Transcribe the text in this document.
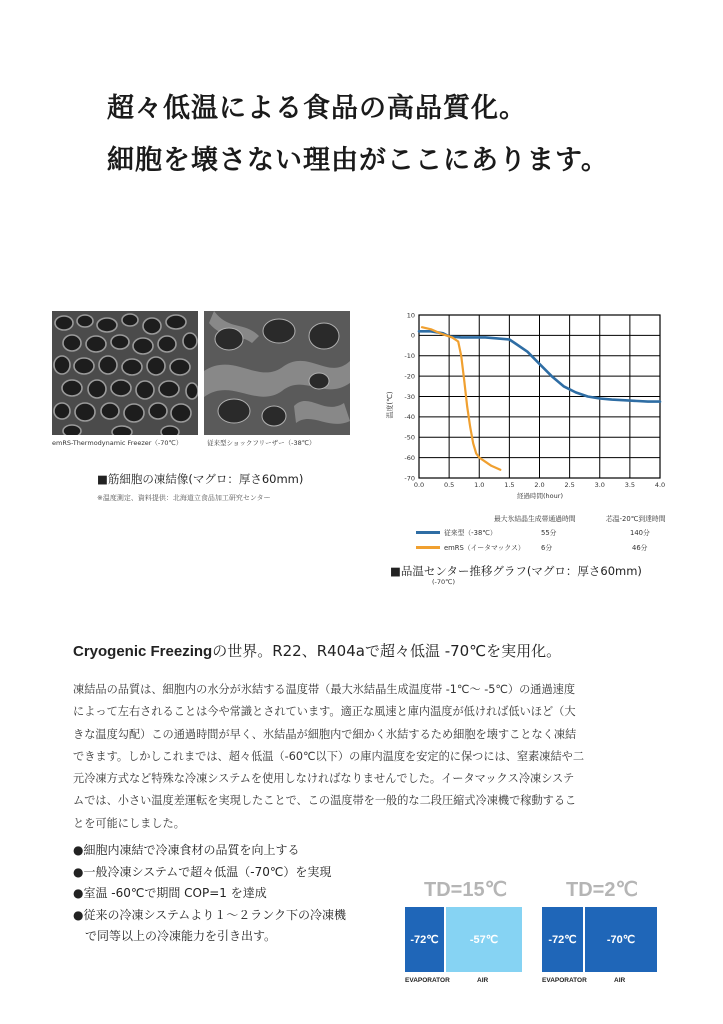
超々低温による食品の高品質化。
細胞を壊さない理由がここにあります。
emRS-Thermodynamic Freezer（-70℃）	従来型ショックフリーザー（-38℃）
■筋細胞の凍結像(マグロ：厚さ60mm)
※温度測定、資料提供：北海道立食品加工研究センター
温度(℃)
経過時間(hour)
0.0	0.5	1.0	1.5	2.0	2.5	3.0	3.5	4.0
10
0
-10
-20
-30
-40
-50
-60
-70
最大氷結晶生成帯通過時間	芯温-20℃到達時間
従来型（-38℃）	55分	140分
emRS（イータマックス） 6分	46分
■品温センター推移グラフ(マグロ：厚さ60mm)
(-70℃)
Cryogenic Freezingの世界。R22、R404aで超々低温 -70℃を実用化。
凍結品の品質は、細胞内の水分が氷結する温度帯（最大氷結晶生成温度帯 -1℃～ -5℃）の通過速度
によって左右されることは今や常識とされています。適正な風速と庫内温度が低ければ低いほど（大
きな温度勾配）この通過時間が早く、氷結晶が細胞内で細かく氷結するため細胞を壊すことなく凍結
できます。しかしこれまでは、超々低温（-60℃以下）の庫内温度を安定的に保つには、窒素凍結や二
元冷凍方式など特殊な冷凍システムを使用しなければなりませんでした。イータマックス冷凍システ
ムでは、小さい温度差運転を実現したことで、この温度帯を一般的な二段圧縮式冷凍機で稼動するこ
とを可能にしました。
●細胞内凍結で冷凍食材の品質を向上する
●一般冷凍システムで超々低温（-70℃）を実現
●室温 -60℃で期間 COP=1 を達成
●従来の冷凍システムより１～２ランク下の冷凍機
　で同等以上の冷凍能力を引き出す。
TD=15℃
-72℃	-57℃
EVAPORATOR	AIR
TD=2℃
-72℃	-70℃
EVAPORATOR	AIR
